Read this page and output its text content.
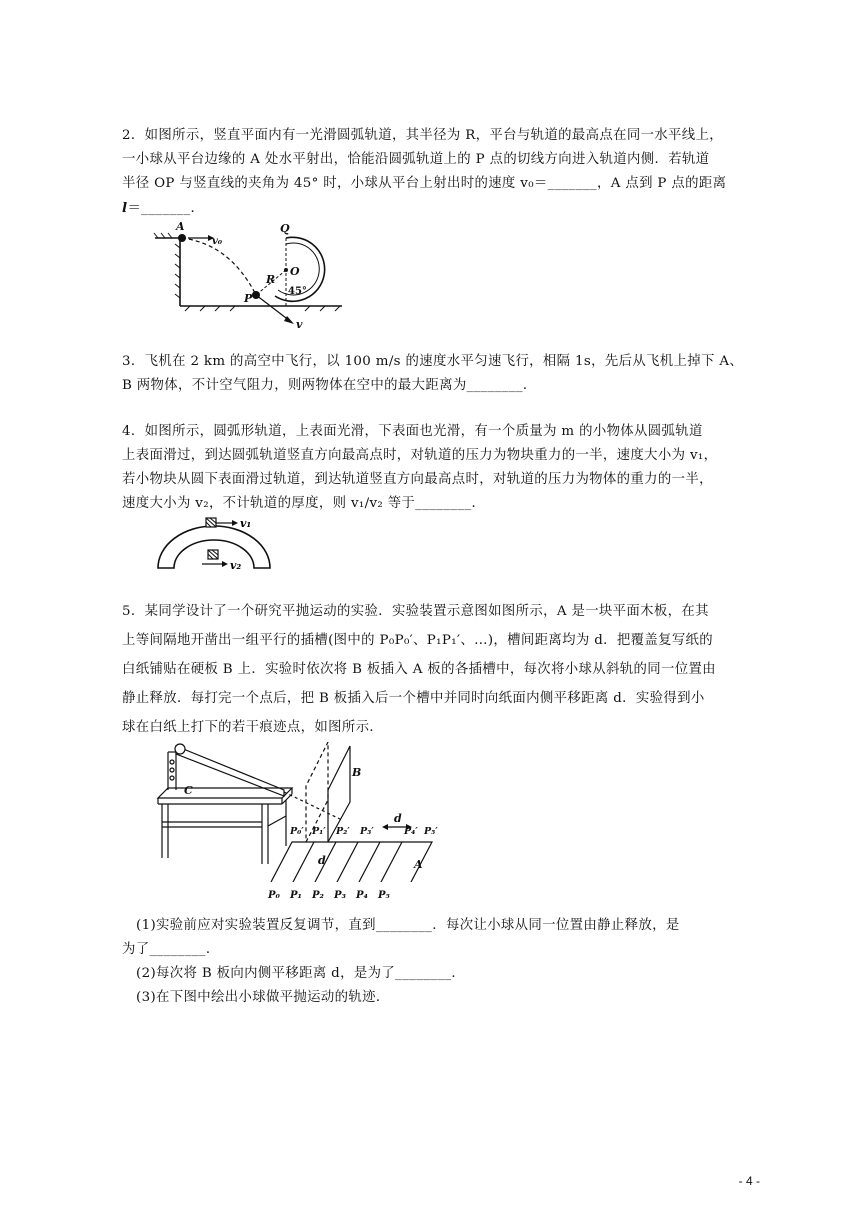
2．如图所示，竖直平面内有一光滑圆弧轨道，其半径为 R，平台与轨道的最高点在同一水平线上，
一小球从平台边缘的 A 处水平射出，恰能沿圆弧轨道上的 P 点的切线方向进入轨道内侧．若轨道
半径 OP 与竖直线的夹角为 45° 时，小球从平台上射出时的速度 v₀＝_______，A 点到 P 点的距离
l＝_______．
A
v₀
Q
O
R
P
45°
v
3．飞机在 2 km 的高空中飞行，以 100 m/s 的速度水平匀速飞行，相隔 1s，先后从飞机上掉下 A、
B 两物体，不计空气阻力，则两物体在空中的最大距离为________．
4．如图所示，圆弧形轨道，上表面光滑，下表面也光滑，有一个质量为 m 的小物体从圆弧轨道
上表面滑过，到达圆弧轨道竖直方向最高点时，对轨道的压力为物块重力的一半，速度大小为 v₁，
若小物块从圆下表面滑过轨道，到达轨道竖直方向最高点时，对轨道的压力为物体的重力的一半，
速度大小为 v₂，不计轨道的厚度，则 v₁/v₂ 等于________．
v₁
v₂
5．某同学设计了一个研究平抛运动的实验．实验装置示意图如图所示，A 是一块平面木板，在其
上等间隔地开凿出一组平行的插槽(图中的 P₀P₀′、P₁P₁′、…)，槽间距离均为 d．把覆盖复写纸的
白纸铺贴在硬板 B 上．实验时依次将 B 板插入 A 板的各插槽中，每次将小球从斜轨的同一位置由
静止释放．每打完一个点后，把 B 板插入后一个槽中并同时向纸面内侧平移距离 d．实验得到小
球在白纸上打下的若干痕迹点，如图所示．
B
C
A
d
d
P₀′ P₁′ P₂′ P₃′	P₄′ P₅′
P₀ P₁ P₂ P₃ P₄ P₅
(1)实验前应对实验装置反复调节，直到________．每次让小球从同一位置由静止释放，是
为了________．
(2)每次将 B 板向内侧平移距离 d，是为了________．
(3)在下图中绘出小球做平抛运动的轨迹．
- 4 -
